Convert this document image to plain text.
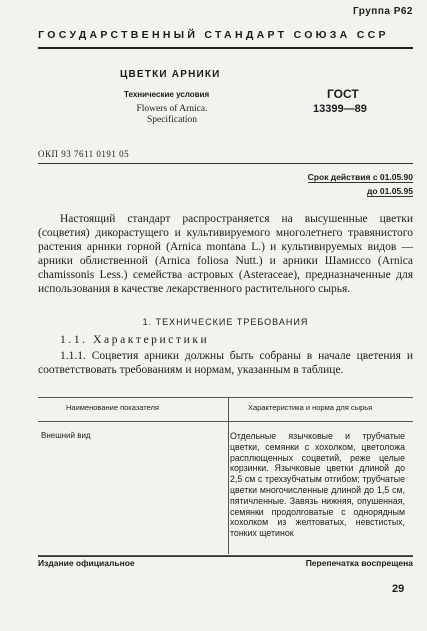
Группа Р62
ГОСУДАРСТВЕННЫЙ СТАНДАРТ СОЮЗА ССР
ЦВЕТКИ АРНИКИ
Технические условия
Flowers of Arnica.
Specification
ГОСТ
13399—89
ОКП 93 7611 0191 05
Срок действия с 01.05.90
до 01.05.95
Настоящий стандарт распространяется на высушенные цветки (соцветия) дикорастущего и культивируемого многолетнего травянистого растения арники горной (Arnica montana L.) и культивируемых видов — арники облиственной (Arnica foliosa Nutt.) и арники Шамиссо (Arnica chamissonis Less.) семейства астровых (Asteraceae), предназначенные для использования в качестве лекарственного растительного сырья.
1. ТЕХНИЧЕСКИЕ ТРЕБОВАНИЯ
1.1. Характеристики
1.1.1. Соцветия арники должны быть собраны в начале цветения и соответствовать требованиям и нормам, указанным в таблице.
Наименование показателя	Характеристика и норма для сырья
Внешний вид	Отдельные язычковые и трубчатые цветки, семянки с хохолком, цветоложа расплющенных соцветий, реже целые корзинки. Язычковые цветки длиной до 2,5 см с трехзубчатым отгибом; трубчатые цветки многочисленные длиной до 1,5 см, пятичленные. Завязь нижняя, опушенная, семянки продолговатые с однорядным хохолком из желтоватых, невстистых, тонких щетинок
Издание официальное	Перепечатка воспрещена
29
